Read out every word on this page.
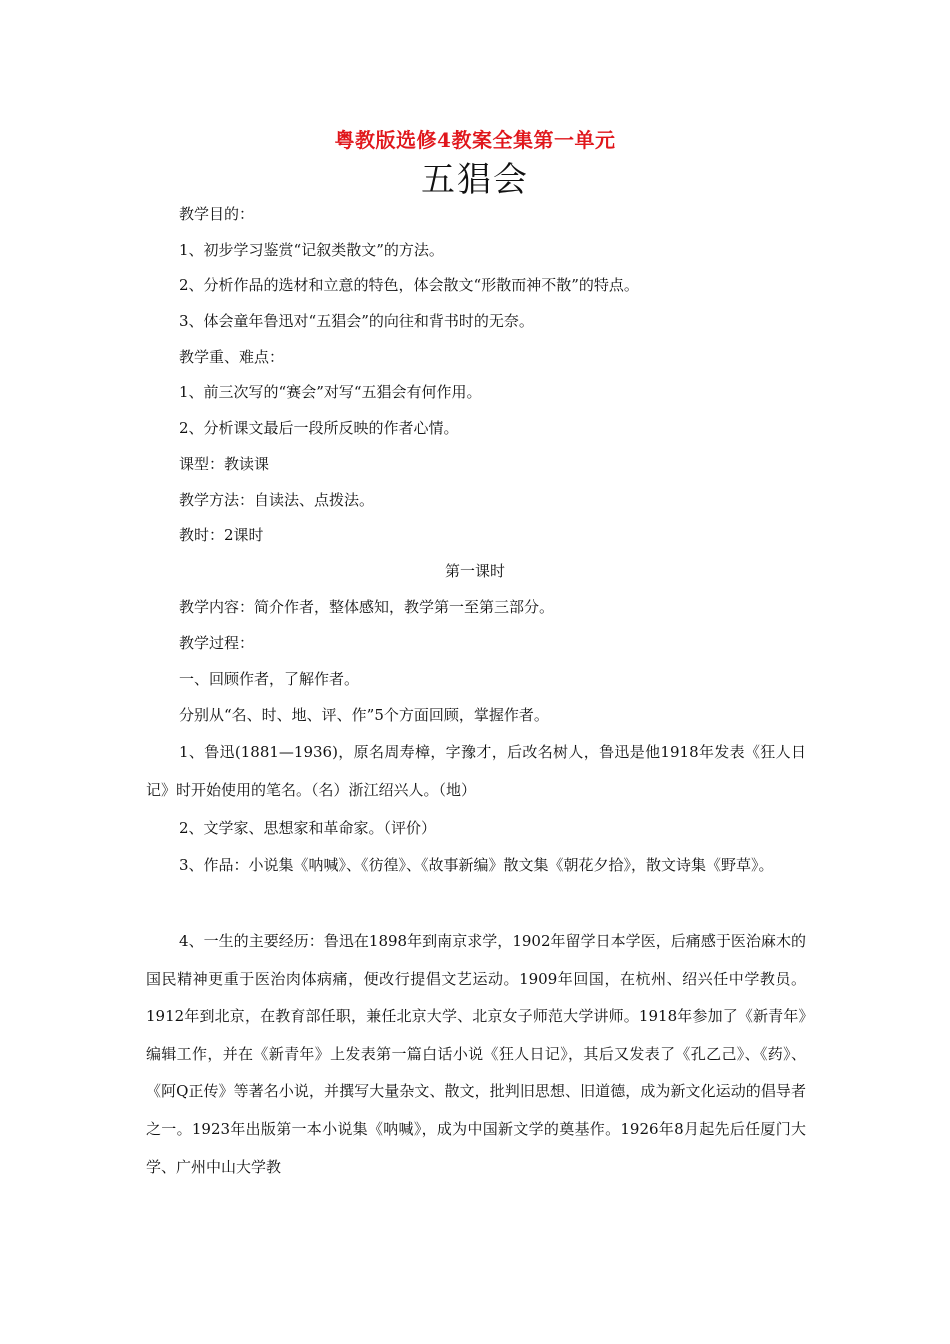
粤教版选修4教案全集第一单元
五猖会
教学目的：
1、初步学习鉴赏“记叙类散文”的方法。
2、分析作品的选材和立意的特色，体会散文“形散而神不散”的特点。
3、体会童年鲁迅对“五猖会”的向往和背书时的无奈。
教学重、难点：
1、前三次写的“赛会”对写“五猖会有何作用。
2、分析课文最后一段所反映的作者心情。
课型：教读课
教学方法：自读法、点拨法。
教时：2课时
第一课时
教学内容：简介作者，整体感知，教学第一至第三部分。
教学过程：
一、回顾作者，了解作者。
分别从“名、时、地、评、作”5个方面回顾，掌握作者。
1、鲁迅(1881—1936)，原名周寿樟，字豫才，后改名树人，鲁迅是他1918年发表《狂人日记》时开始使用的笔名。（名）浙江绍兴人。（地）
2、文学家、思想家和革命家。（评价）
3、作品：小说集《呐喊》、《彷徨》、《故事新编》散文集《朝花夕拾》，散文诗集《野草》。
4、一生的主要经历：鲁迅在1898年到南京求学，1902年留学日本学医，后痛感于医治麻木的国民精神更重于医治肉体病痛，便改行提倡文艺运动。1909年回国，在杭州、绍兴任中学教员。1912年到北京，在教育部任职，兼任北京大学、北京女子师范大学讲师。1918年参加了《新青年》编辑工作，并在《新青年》上发表第一篇白话小说《狂人日记》，其后又发表了《孔乙己》、《药》、《阿Q正传》等著名小说，并撰写大量杂文、散文，批判旧思想、旧道德，成为新文化运动的倡导者之一。1923年出版第一本小说集《呐喊》，成为中国新文学的奠基作。1926年8月起先后任厦门大学、广州中山大学教
